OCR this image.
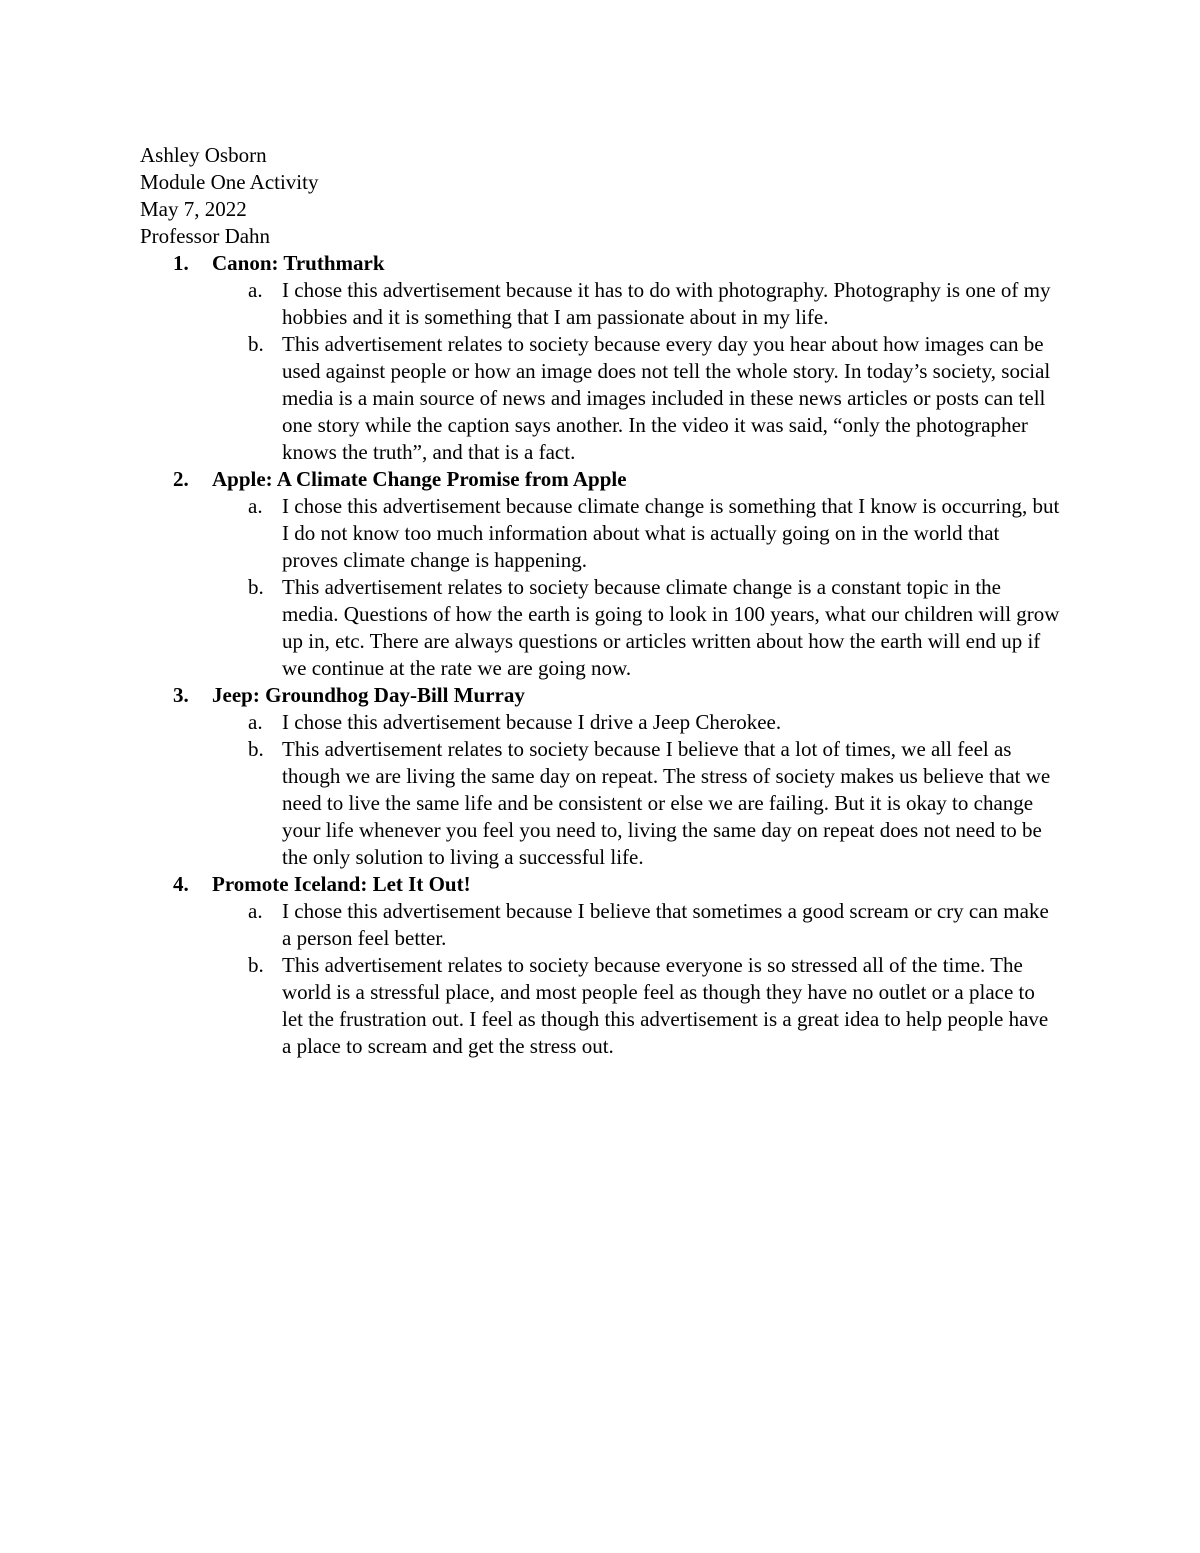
Ashley Osborn
Module One Activity
May 7, 2022
Professor Dahn
1. Canon: Truthmark
a. I chose this advertisement because it has to do with photography. Photography is one of my hobbies and it is something that I am passionate about in my life.
b. This advertisement relates to society because every day you hear about how images can be used against people or how an image does not tell the whole story. In today’s society, social media is a main source of news and images included in these news articles or posts can tell one story while the caption says another. In the video it was said, “only the photographer knows the truth”, and that is a fact.
2. Apple: A Climate Change Promise from Apple
a. I chose this advertisement because climate change is something that I know is occurring, but I do not know too much information about what is actually going on in the world that proves climate change is happening.
b. This advertisement relates to society because climate change is a constant topic in the media. Questions of how the earth is going to look in 100 years, what our children will grow up in, etc. There are always questions or articles written about how the earth will end up if we continue at the rate we are going now.
3. Jeep: Groundhog Day-Bill Murray
a. I chose this advertisement because I drive a Jeep Cherokee.
b. This advertisement relates to society because I believe that a lot of times, we all feel as though we are living the same day on repeat. The stress of society makes us believe that we need to live the same life and be consistent or else we are failing. But it is okay to change your life whenever you feel you need to, living the same day on repeat does not need to be the only solution to living a successful life.
4. Promote Iceland: Let It Out!
a. I chose this advertisement because I believe that sometimes a good scream or cry can make a person feel better.
b. This advertisement relates to society because everyone is so stressed all of the time. The world is a stressful place, and most people feel as though they have no outlet or a place to let the frustration out. I feel as though this advertisement is a great idea to help people have a place to scream and get the stress out.
